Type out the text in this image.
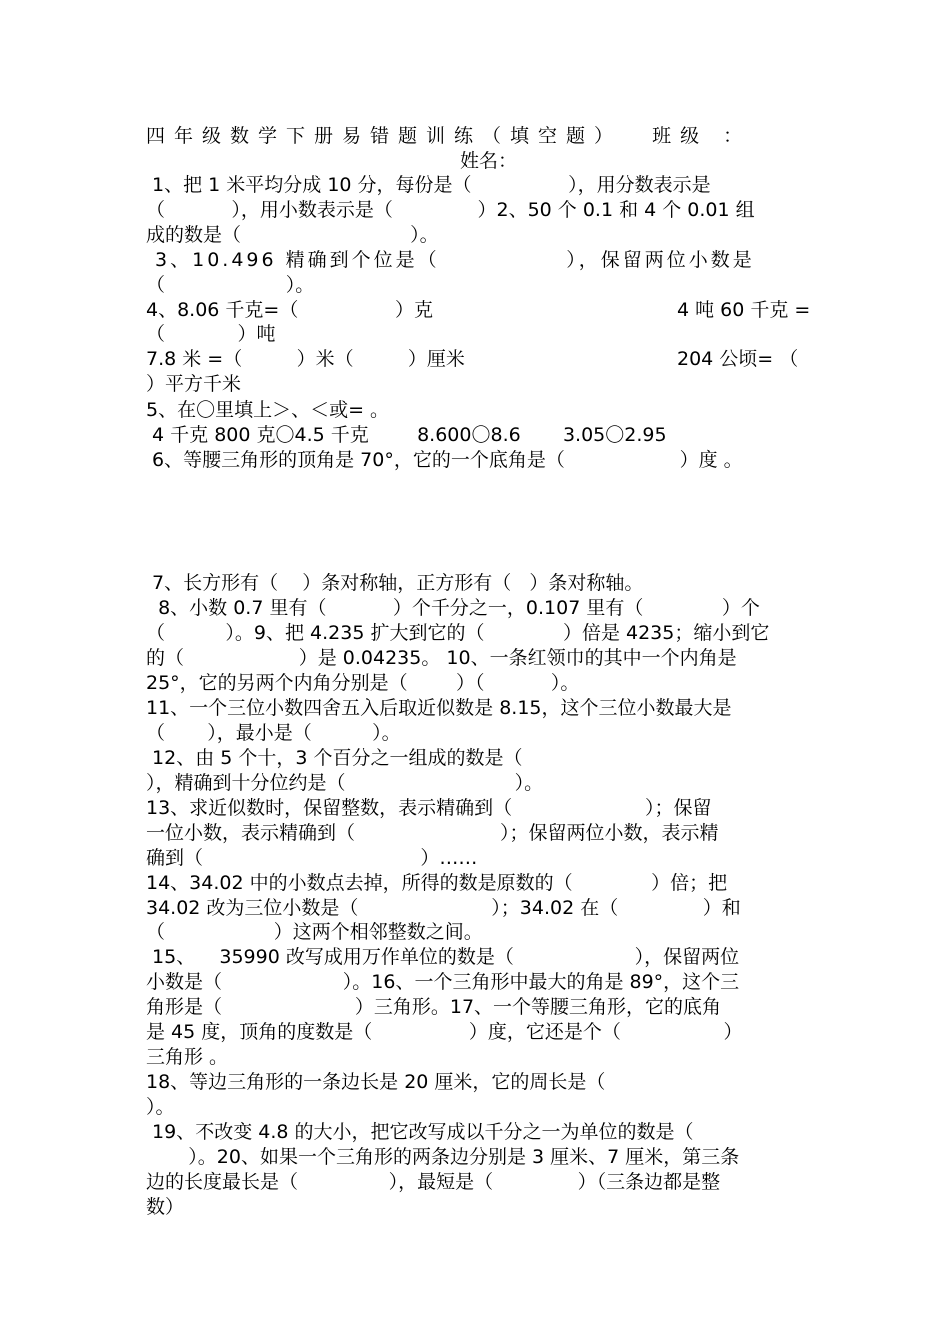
四年级数学下册易错题训练（填空题）  班级 ：
姓名：
1、把 1 米平均分成 10 分，每份是（                ），用分数表示是
（           ），用小数表示是（              ）2、50 个 0.1 和 4 个 0.01 组
成的数是（                            ）。
3、10.496 精确到个位是（              ），保留两位小数是
（                    ）。
4、8.06 千克=（                ）克	4 吨 60 千克 =
（            ）吨
7.8 米 =（         ）米（         ）厘米	204 公顷= （
）平方千米
5、在〇里填上＞、＜或= 。
4 千克 800 克〇4.5 千克        8.600〇8.6       3.05〇2.95
6、等腰三角形的顶角是 70°，它的一个底角是（                   ）度 。
7、长方形有（    ）条对称轴，正方形有（   ）条对称轴。
8、小数 0.7 里有（           ）个千分之一，0.107 里有（             ）个
（          ）。9、把 4.235 扩大到它的（             ）倍是 4235；缩小到它
的（                   ）是 0.04235。 10、一条红领巾的其中一个内角是
25°，它的另两个内角分别是（        ）（           ）。
11、一个三位小数四舍五入后取近似数是 8.15，这个三位小数最大是
（       ），最小是（          ）。
12、由 5 个十，3 个百分之一组成的数是（
），精确到十分位约是（                            ）。
13、求近似数时，保留整数，表示精确到（                      ）；保留
一位小数，表示精确到（                        ）；保留两位小数，表示精
确到（                                    ）……
14、34.02 中的小数点去掉，所得的数是原数的（             ）倍；把
34.02 改为三位小数是（                      ）；34.02 在（              ）和
（                  ）这两个相邻整数之间。
15、    35990 改写成用万作单位的数是（                    ），保留两位
小数是（                    ）。16、一个三角形中最大的角是 89°，这个三
角形是（                      ）三角形。17、一个等腰三角形，它的底角
是 45 度，顶角的度数是（                ）度，它还是个（                 ）
三角形 。
18、等边三角形的一条边长是 20 厘米，它的周长是（
）。
19、不改变 4.8 的大小，把它改写成以千分之一为单位的数是（
）。20、如果一个三角形的两条边分别是 3 厘米、7 厘米，第三条
边的长度最长是（               ），最短是（              ）（三条边都是整
数）
